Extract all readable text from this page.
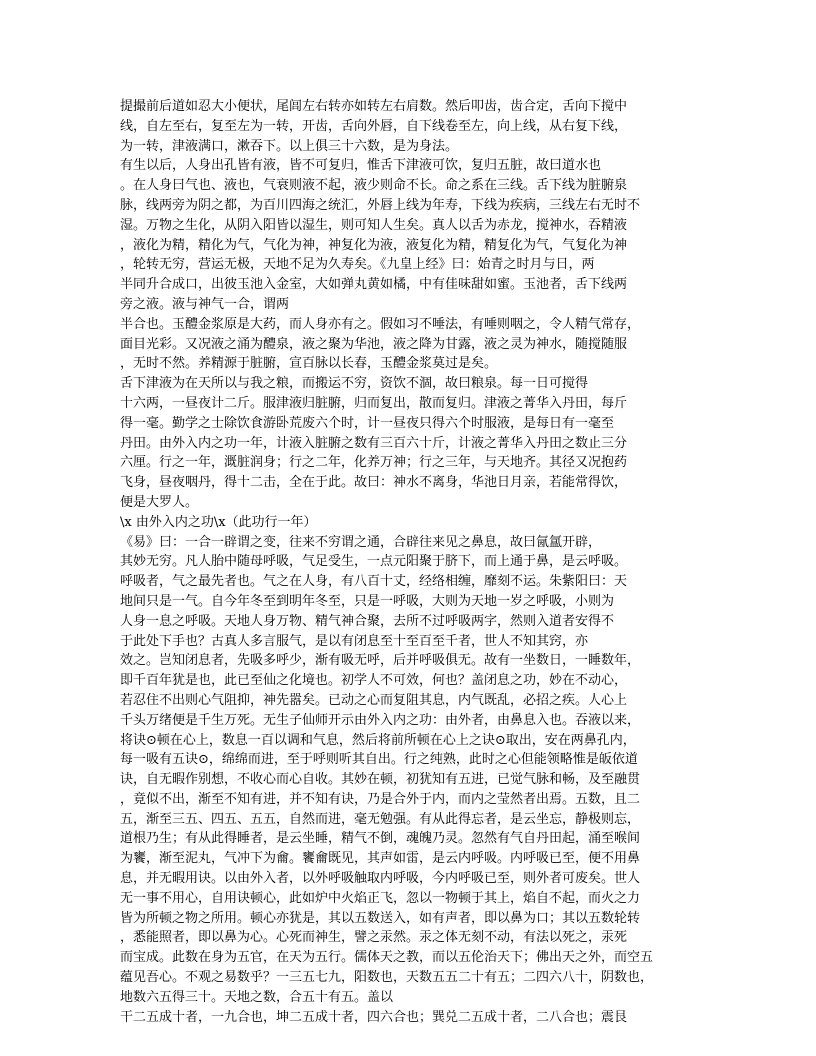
提撮前后道如忍大小便状，尾闾左右转亦如转左右肩数。然后叩齿，齿合定，舌向下搅中
线，自左至右，复至左为一转，开齿，舌向外唇，自下线卷至左，向上线，从右复下线，
为一转，津液满口，漱吞下。以上俱三十六数，是为身法。
有生以后，人身出孔皆有液，皆不可复归，惟舌下津液可饮，复归五脏，故曰道水也
。在人身曰气也、液也，气衰则液不起，液少则命不长。命之系在三线。舌下线为脏腑泉
脉，线两旁为阴之都，为百川四海之统汇，外唇上线为年寿，下线为疾病，三线左右无时不
湿。万物之生化，从阴入阳皆以湿生，则可知人生矣。真人以舌为赤龙，搅神水，吞精液
，液化为精，精化为气，气化为神，神复化为液，液复化为精，精复化为气，气复化为神
，轮转无穷，营运无极，天地不足为久寿矣。《九皇上经》曰：始青之时月与日，两
半同升合成口，出彼玉池入金室，大如弹丸黄如橘，中有佳味甜如蜜。玉池者，舌下线两
旁之液。液与神气一合，谓两
半合也。玉醴金浆原是大药，而人身亦有之。假如习不唾法，有唾则咽之，令人精气常存，
面目光彩。又况液之涌为醴泉，液之聚为华池，液之降为甘露，液之灵为神水，随搅随服
，无时不然。养精源于脏腑，宣百脉以长春，玉醴金浆莫过是矣。
舌下津液为在天所以与我之粮，而搬运不穷，资饮不涸，故曰粮泉。每一日可搅得
十六两，一昼夜计二斤。服津液归脏腑，归而复出，散而复归。津液之菁华入丹田，每斤
得一毫。勤学之士除饮食游卧荒废六个时，计一昼夜只得六个时服液，是每日有一毫至
丹田。由外入内之功一年，计液入脏腑之数有三百六十斤，计液之菁华入丹田之数止三分
六厘。行之一年，溉脏润身；行之二年，化养万神；行之三年，与天地齐。其径又况抱药
飞身，昼夜咽丹，得十二击，全在于此。故曰：神水不离身，华池日月亲，若能常得饮，
便是大罗人。
\x 由外入内之功\x（此功行一年）
《易》曰：一合一辟谓之变，往来不穷谓之通，合辟往来见之鼻息，故曰氤氲开辟，
其妙无穷。凡人胎中随母呼吸，气足受生，一点元阳聚于脐下，而上通于鼻，是云呼吸。
呼吸者，气之最先者也。气之在人身，有八百十丈，经络相缠，靡刻不运。朱紫阳曰：天
地间只是一气。自今年冬至到明年冬至，只是一呼吸，大则为天地一岁之呼吸，小则为
人身一息之呼吸。天地人身万物、精气神合聚，去所不过呼吸两字，然则入道者安得不
于此处下手也？古真人多言服气，是以有闭息至十至百至千者，世人不知其窍，亦
效之。岂知闭息者，先吸多呼少，渐有吸无呼，后并呼吸俱无。故有一坐数日，一睡数年，
即千百年犹是也，此已至仙之化境也。初学人不可效，何也？盖闭息之功，妙在不动心，
若忍住不出则心气阻抑，神先嚣矣。已动之心而复阻其息，内气既乱，必招之疾。人心上
千头万绪便是千生万死。无生子仙师开示由外入内之功：由外者，由鼻息入也。吞液以来，
将诀⊙顿在心上，数息一百以调和气息，然后将前所顿在心上之诀⊙取出，安在两鼻孔内，
每一吸有五诀⊙，绵绵而进，至于呼则听其自出。行之纯熟，此时之心但能领略惟是皈依道
诀，自无暇作别想，不收心而心自收。其妙在顿，初犹知有五进，已觉气脉和畅，及至融贯
，竟似不出，渐至不知有进，并不知有诀，乃是合外于内，而内之莹然者出焉。五数，且二
五，渐至三五、四五、五五，自然而进，毫无勉强。有从此得忘者，是云坐忘，静极则忘，
道根乃生；有从此得睡者，是云坐睡，精气不倒，魂魄乃灵。忽然有气自丹田起，涌至喉间
为饔，渐至泥丸，气冲下为龠。饔龠既见，其声如雷，是云内呼吸。内呼吸已至，便不用鼻
息，并无暇用诀。以由外入者，以外呼吸触取内呼吸，今内呼吸已至，则外者可废矣。世人
无一事不用心，自用诀顿心，此如炉中火焰正飞，忽以一物顿于其上，焰自不起，而火之力
皆为所顿之物之所用。顿心亦犹是，其以五数送入，如有声者，即以鼻为口；其以五数轮转
，悉能照者，即以鼻为心。心死而神生，譬之汞然。汞之体无刻不动，有法以死之，汞死
而宝成。此数在身为五官，在天为五行。儒体天之教，而以五伦治天下；佛出天之外，而空五
蕴见吾心。不观之易数乎？一三五七九，阳数也，天数五五二十有五；二四六八十，阴数也，
地数六五得三十。天地之数，合五十有五。盖以
干二五成十者，一九合也，坤二五成十者，四六合也；巽兑二五成十者，二八合也；震艮
